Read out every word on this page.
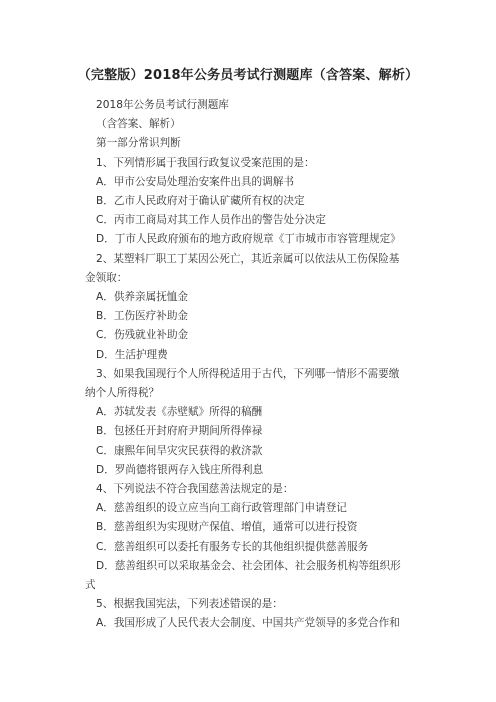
（完整版）2018年公务员考试行测题库（含答案、解析）

2018年公务员考试行测题库

（含答案、解析）

第一部分常识判断

1、下列情形属于我国行政复议受案范围的是：

A．甲市公安局处理治安案件出具的调解书

B．乙市人民政府对于确认矿藏所有权的决定

C．丙市工商局对其工作人员作出的警告处分决定

D．丁市人民政府颁布的地方政府规章《丁市城市市容管理规定》

2、某塑料厂职工丁某因公死亡，其近亲属可以依法从工伤保险基

金领取：

A．供养亲属抚恤金

B．工伤医疗补助金

C．伤残就业补助金

D．生活护理费

3、如果我国现行个人所得税适用于古代，下列哪一情形不需要缴

纳个人所得税？

A．苏轼发表《赤壁赋》所得的稿酬

B．包拯任开封府府尹期间所得俸禄

C．康熙年间旱灾灾民获得的救济款

D．罗尚德将银两存入钱庄所得利息

4、下列说法不符合我国慈善法规定的是：

A．慈善组织的设立应当向工商行政管理部门申请登记

B．慈善组织为实现财产保值、增值，通常可以进行投资

C．慈善组织可以委托有服务专长的其他组织提供慈善服务

D．慈善组织可以采取基金会、社会团体、社会服务机构等组织形

式

5、根据我国宪法，下列表述错误的是：

A．我国形成了人民代表大会制度、中国共产党领导的多党合作和
